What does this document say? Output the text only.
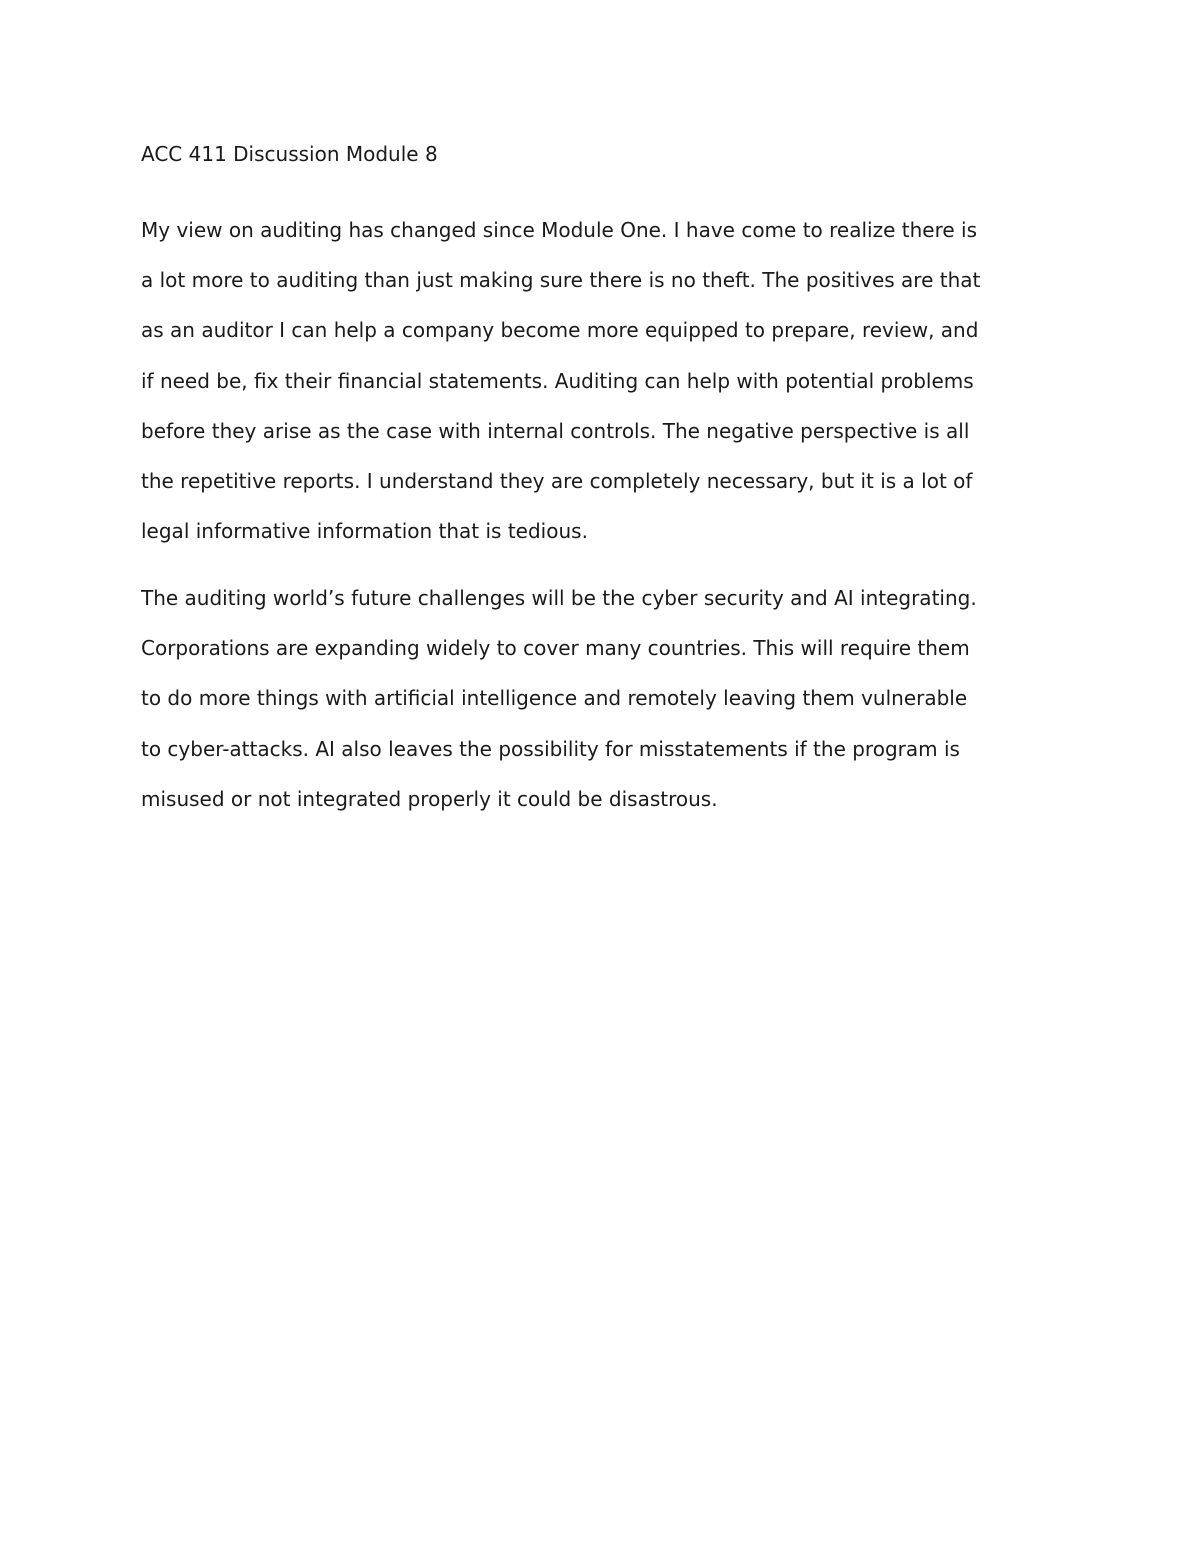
ACC 411 Discussion Module 8
My view on auditing has changed since Module One. I have come to realize there is
a lot more to auditing than just making sure there is no theft. The positives are that
as an auditor I can help a company become more equipped to prepare, review, and
if need be, fix their financial statements. Auditing can help with potential problems
before they arise as the case with internal controls. The negative perspective is all
the repetitive reports. I understand they are completely necessary, but it is a lot of
legal informative information that is tedious.
The auditing world’s future challenges will be the cyber security and AI integrating.
Corporations are expanding widely to cover many countries. This will require them
to do more things with artificial intelligence and remotely leaving them vulnerable
to cyber-attacks. AI also leaves the possibility for misstatements if the program is
misused or not integrated properly it could be disastrous.
